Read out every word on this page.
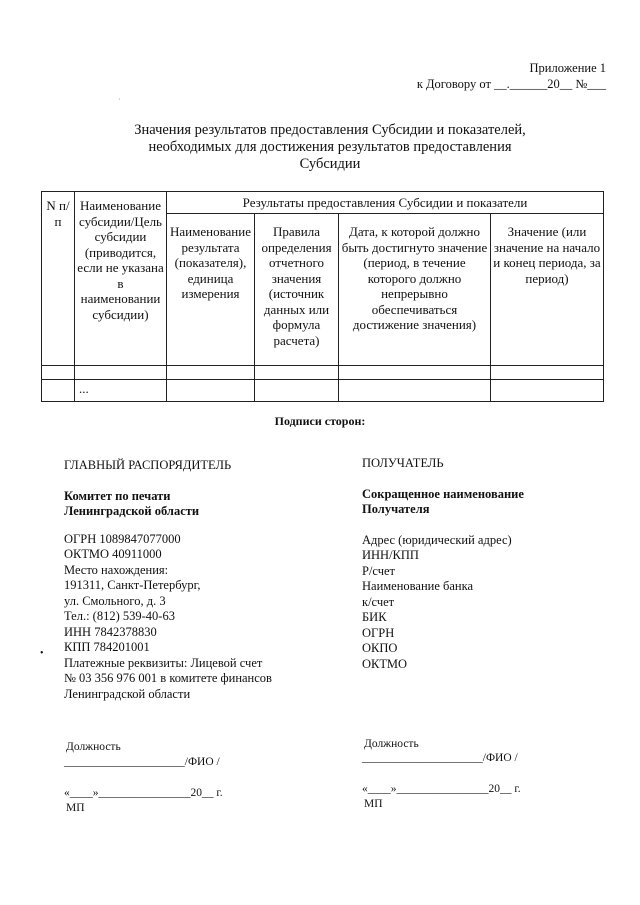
Приложение 1
к Договору от __.______20__ №___
·
Значения результатов предоставления Субсидии и показателей,
необходимых для достижения результатов предоставления
Субсидии
N п/п	Наименование субсидии/Цель субсидии (приводится, если не указана в наименовании субсидии)	Результаты предоставления Субсидии и показатели			
		Наименование результата (показателя), единица измерения	Правила определения отчетного значения (источник данных или формула расчета)	Дата, к которой должно быть достигнуто значение (период, в течение которого должно непрерывно обеспечиваться достижение значения)	Значение (или значение на начало и конец периода, за период)

	...				
Подписи сторон:
ГЛАВНЫЙ РАСПОРЯДИТЕЛЬ
Комитет по печати
Ленинградской области
ОГРН 1089847077000
ОКТМО 40911000
Место нахождения:
191311, Санкт-Петербург,
ул. Смольного, д. 3
Тел.: (812) 539-40-63
ИНН 7842378830
КПП 784201001
Платежные реквизиты: Лицевой счет
№ 03 356 976 001 в комитете финансов
Ленинградской области
•
Должность
_____________________/ФИО /
«____»________________20__ г.
МП
ПОЛУЧАТЕЛЬ
Сокращенное наименование
Получателя
Адрес (юридический адрес)
ИНН/КПП
Р/счет
Наименование банка
к/счет
БИК
ОГРН
ОКПО
ОКТМО
Должность
_____________________/ФИО /
«____»________________20__ г.
МП
